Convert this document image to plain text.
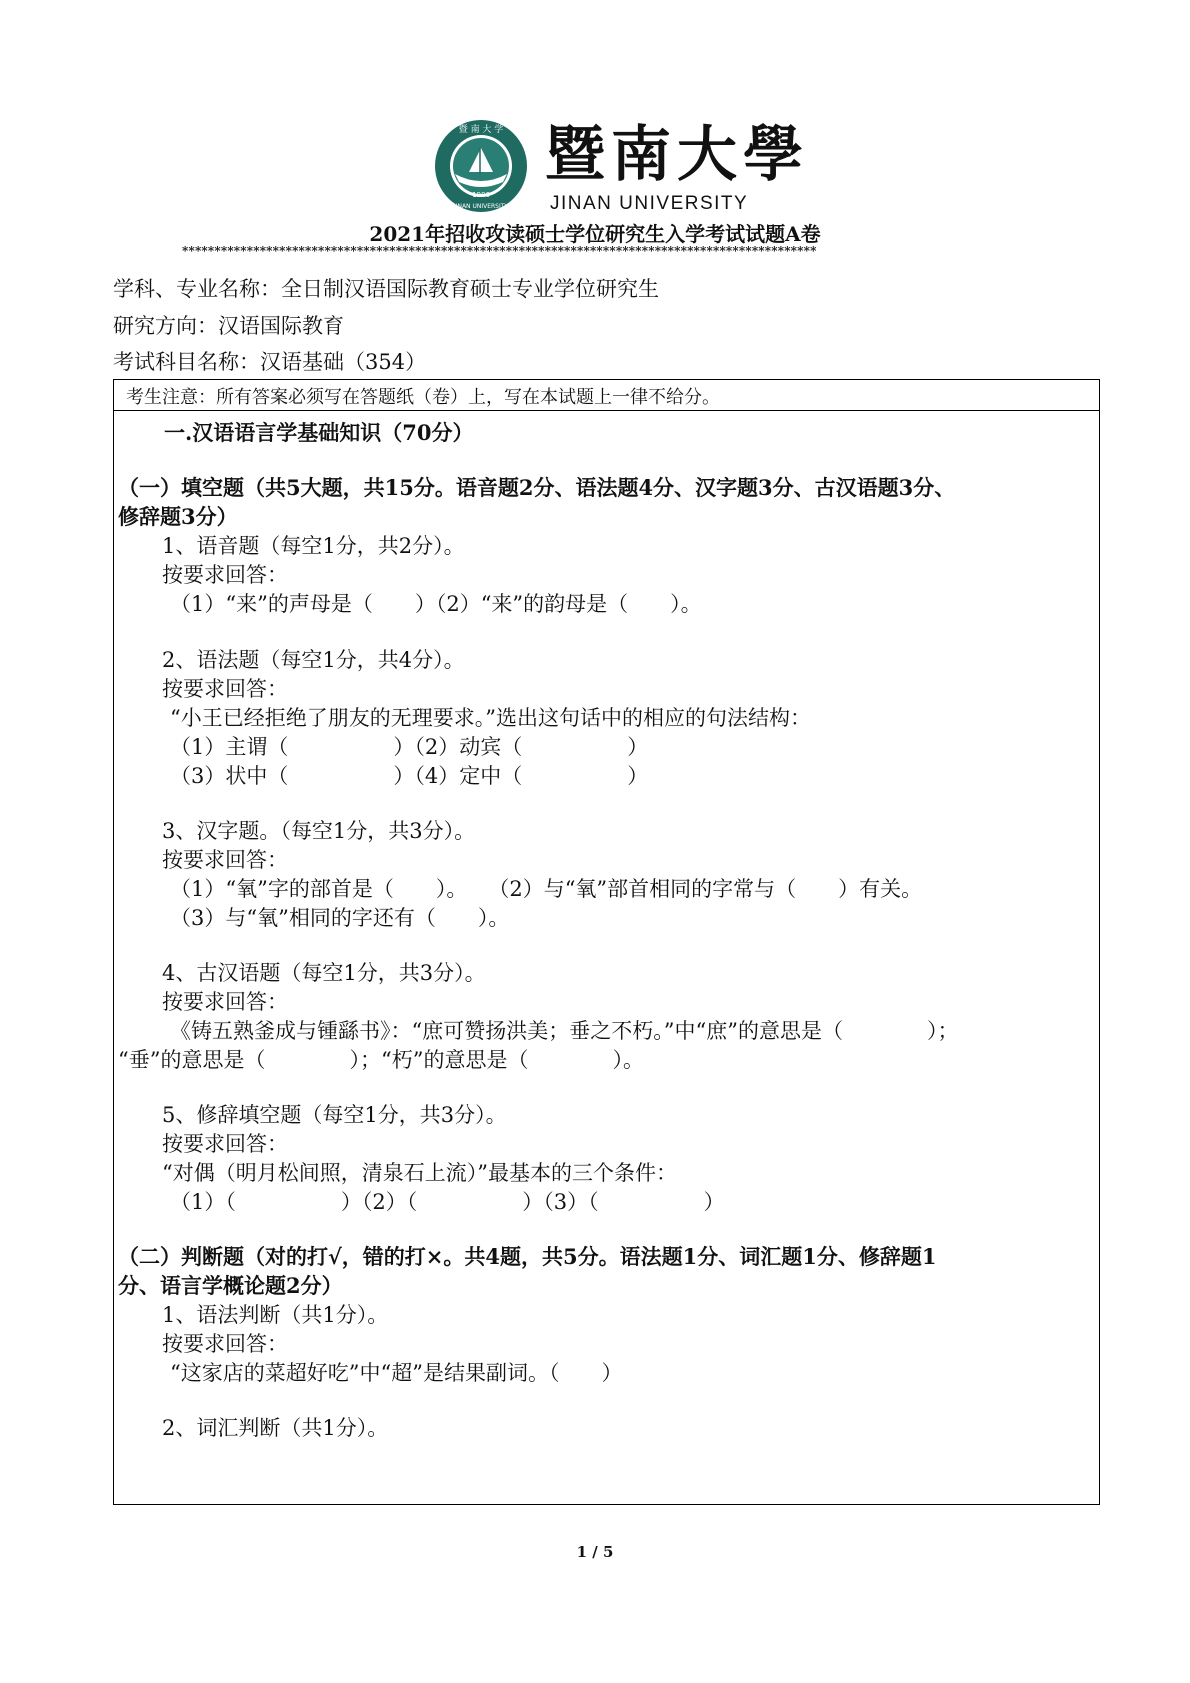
1906
暨 南 大 学
JINAN UNIVERSITY
暨南大學
JINAN UNIVERSITY
2021年招收攻读硕士学位研究生入学考试试题A卷
**************************************************************************************************
学科、专业名称：全日制汉语国际教育硕士专业学位研究生
研究方向：汉语国际教育
考试科目名称：汉语基础（354）
考生注意：所有答案必须写在答题纸（卷）上，写在本试题上一律不给分。
一.汉语语言学基础知识（70分）
（一）填空题（共5大题，共15分。语音题2分、语法题4分、汉字题3分、古汉语题3分、
修辞题3分）
1、语音题（每空1分，共2分）。
按要求回答：
（1）“来”的声母是（　　）（2）“来”的韵母是（　　）。
2、语法题（每空1分，共4分）。
按要求回答：
“小王已经拒绝了朋友的无理要求。”选出这句话中的相应的句法结构：
（1）主谓（　　　　　）（2）动宾（　　　　　）
（3）状中（　　　　　）（4）定中（　　　　　）
3、汉字题。（每空1分，共3分）。
按要求回答：
（1）“氧”字的部首是（　　）。　　（2）与“氧”部首相同的字常与（　　）有关。
（3）与“氧”相同的字还有（　　）。
4、古汉语题（每空1分，共3分）。
按要求回答：
《铸五熟釜成与锺繇书》：“庶可赞扬洪美；垂之不朽。”中“庶”的意思是（　　　　）；
“垂”的意思是（　　　　）；“朽”的意思是（　　　　）。
5、修辞填空题（每空1分，共3分）。
按要求回答：
“对偶（明月松间照，清泉石上流）”最基本的三个条件：
（1）（　　　　　）（2）（　　　　　）（3）（　　　　　）
（二）判断题（对的打√，错的打×。共4题，共5分。语法题1分、词汇题1分、修辞题1
分、语言学概论题2分）
1、语法判断（共1分）。
按要求回答：
“这家店的菜超好吃”中“超”是结果副词。（　　）
2、词汇判断（共1分）。
1 / 5
